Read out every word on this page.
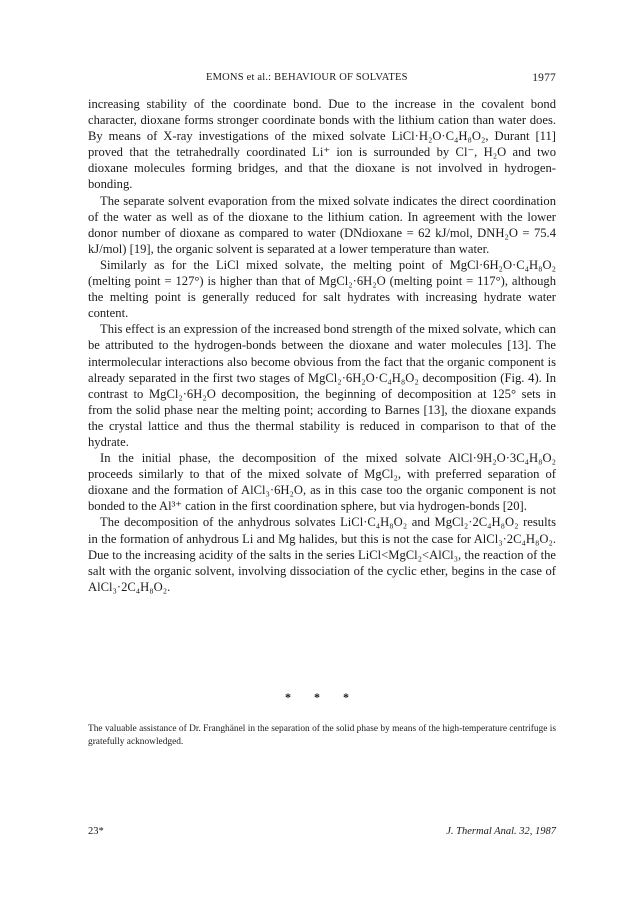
EMONS et al.: BEHAVIOUR OF SOLVATES	1977

increasing stability of the coordinate bond. Due to the increase in the covalent bond character, dioxane forms stronger coordinate bonds with the lithium cation than water does. By means of X-ray investigations of the mixed solvate LiCl·H₂O·C₄H₈O₂, Durant [11] proved that the tetrahedrally coordinated Li⁺ ion is surrounded by Cl⁻, H₂O and two dioxane molecules forming bridges, and that the dioxane is not involved in hydrogen-bonding.

The separate solvent evaporation from the mixed solvate indicates the direct coordination of the water as well as of the dioxane to the lithium cation. In agreement with the lower donor number of dioxane as compared to water (DNdioxane = 62 kJ/mol, DNH₂O = 75.4 kJ/mol) [19], the organic solvent is separated at a lower temperature than water.

Similarly as for the LiCl mixed solvate, the melting point of MgCl·6H₂O·C₄H₈O₂ (melting point = 127°) is higher than that of MgCl₂·6H₂O (melting point = 117°), although the melting point is generally reduced for salt hydrates with increasing hydrate water content.

This effect is an expression of the increased bond strength of the mixed solvate, which can be attributed to the hydrogen-bonds between the dioxane and water molecules [13]. The intermolecular interactions also become obvious from the fact that the organic component is already separated in the first two stages of MgCl₂·6H₂O·C₄H₈O₂ decomposition (Fig. 4). In contrast to MgCl₂·6H₂O decomposition, the beginning of decomposition at 125° sets in from the solid phase near the melting point; according to Barnes [13], the dioxane expands the crystal lattice and thus the thermal stability is reduced in comparison to that of the hydrate.

In the initial phase, the decomposition of the mixed solvate AlCl·9H₂O·3C₄H₈O₂ proceeds similarly to that of the mixed solvate of MgCl₂, with preferred separation of dioxane and the formation of AlCl₃·6H₂O, as in this case too the organic component is not bonded to the Al³⁺ cation in the first coordination sphere, but via hydrogen-bonds [20].

The decomposition of the anhydrous solvates LiCl·C₄H₈O₂ and MgCl₂·2C₄H₈O₂ results in the formation of anhydrous Li and Mg halides, but this is not the case for AlCl₃·2C₄H₈O₂. Due to the increasing acidity of the salts in the series LiCl<MgCl₂<AlCl₃, the reaction of the salt with the organic solvent, involving dissociation of the cyclic ether, begins in the case of AlCl₃·2C₄H₈O₂.

* * *
The valuable assistance of Dr. Franghänel in the separation of the solid phase by means of the high-temperature centrifuge is gratefully acknowledged.
23*	J. Thermal Anal. 32, 1987
